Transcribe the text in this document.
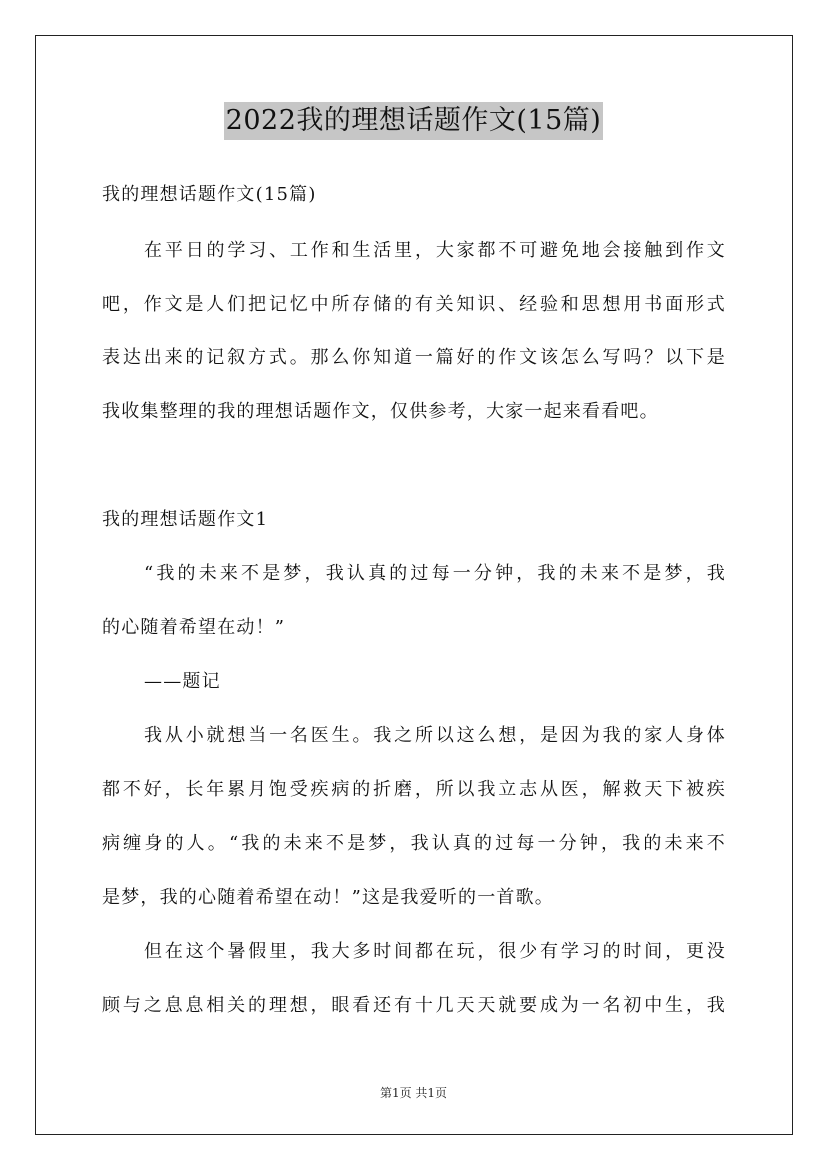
2022我的理想话题作文(15篇)
我的理想话题作文(15篇)
在平日的学习、工作和生活里，大家都不可避免地会接触到作文
吧，作文是人们把记忆中所存储的有关知识、经验和思想用书面形式
表达出来的记叙方式。那么你知道一篇好的作文该怎么写吗？以下是
我收集整理的我的理想话题作文，仅供参考，大家一起来看看吧。
我的理想话题作文1
“我的未来不是梦，我认真的过每一分钟，我的未来不是梦，我
的心随着希望在动！”
——题记
我从小就想当一名医生。我之所以这么想，是因为我的家人身体
都不好，长年累月饱受疾病的折磨，所以我立志从医，解救天下被疾
病缠身的人。“我的未来不是梦，我认真的过每一分钟，我的未来不
是梦，我的心随着希望在动！”这是我爱听的一首歌。
但在这个暑假里，我大多时间都在玩，很少有学习的时间，更没
顾与之息息相关的理想，眼看还有十几天天就要成为一名初中生，我
第1页 共1页
